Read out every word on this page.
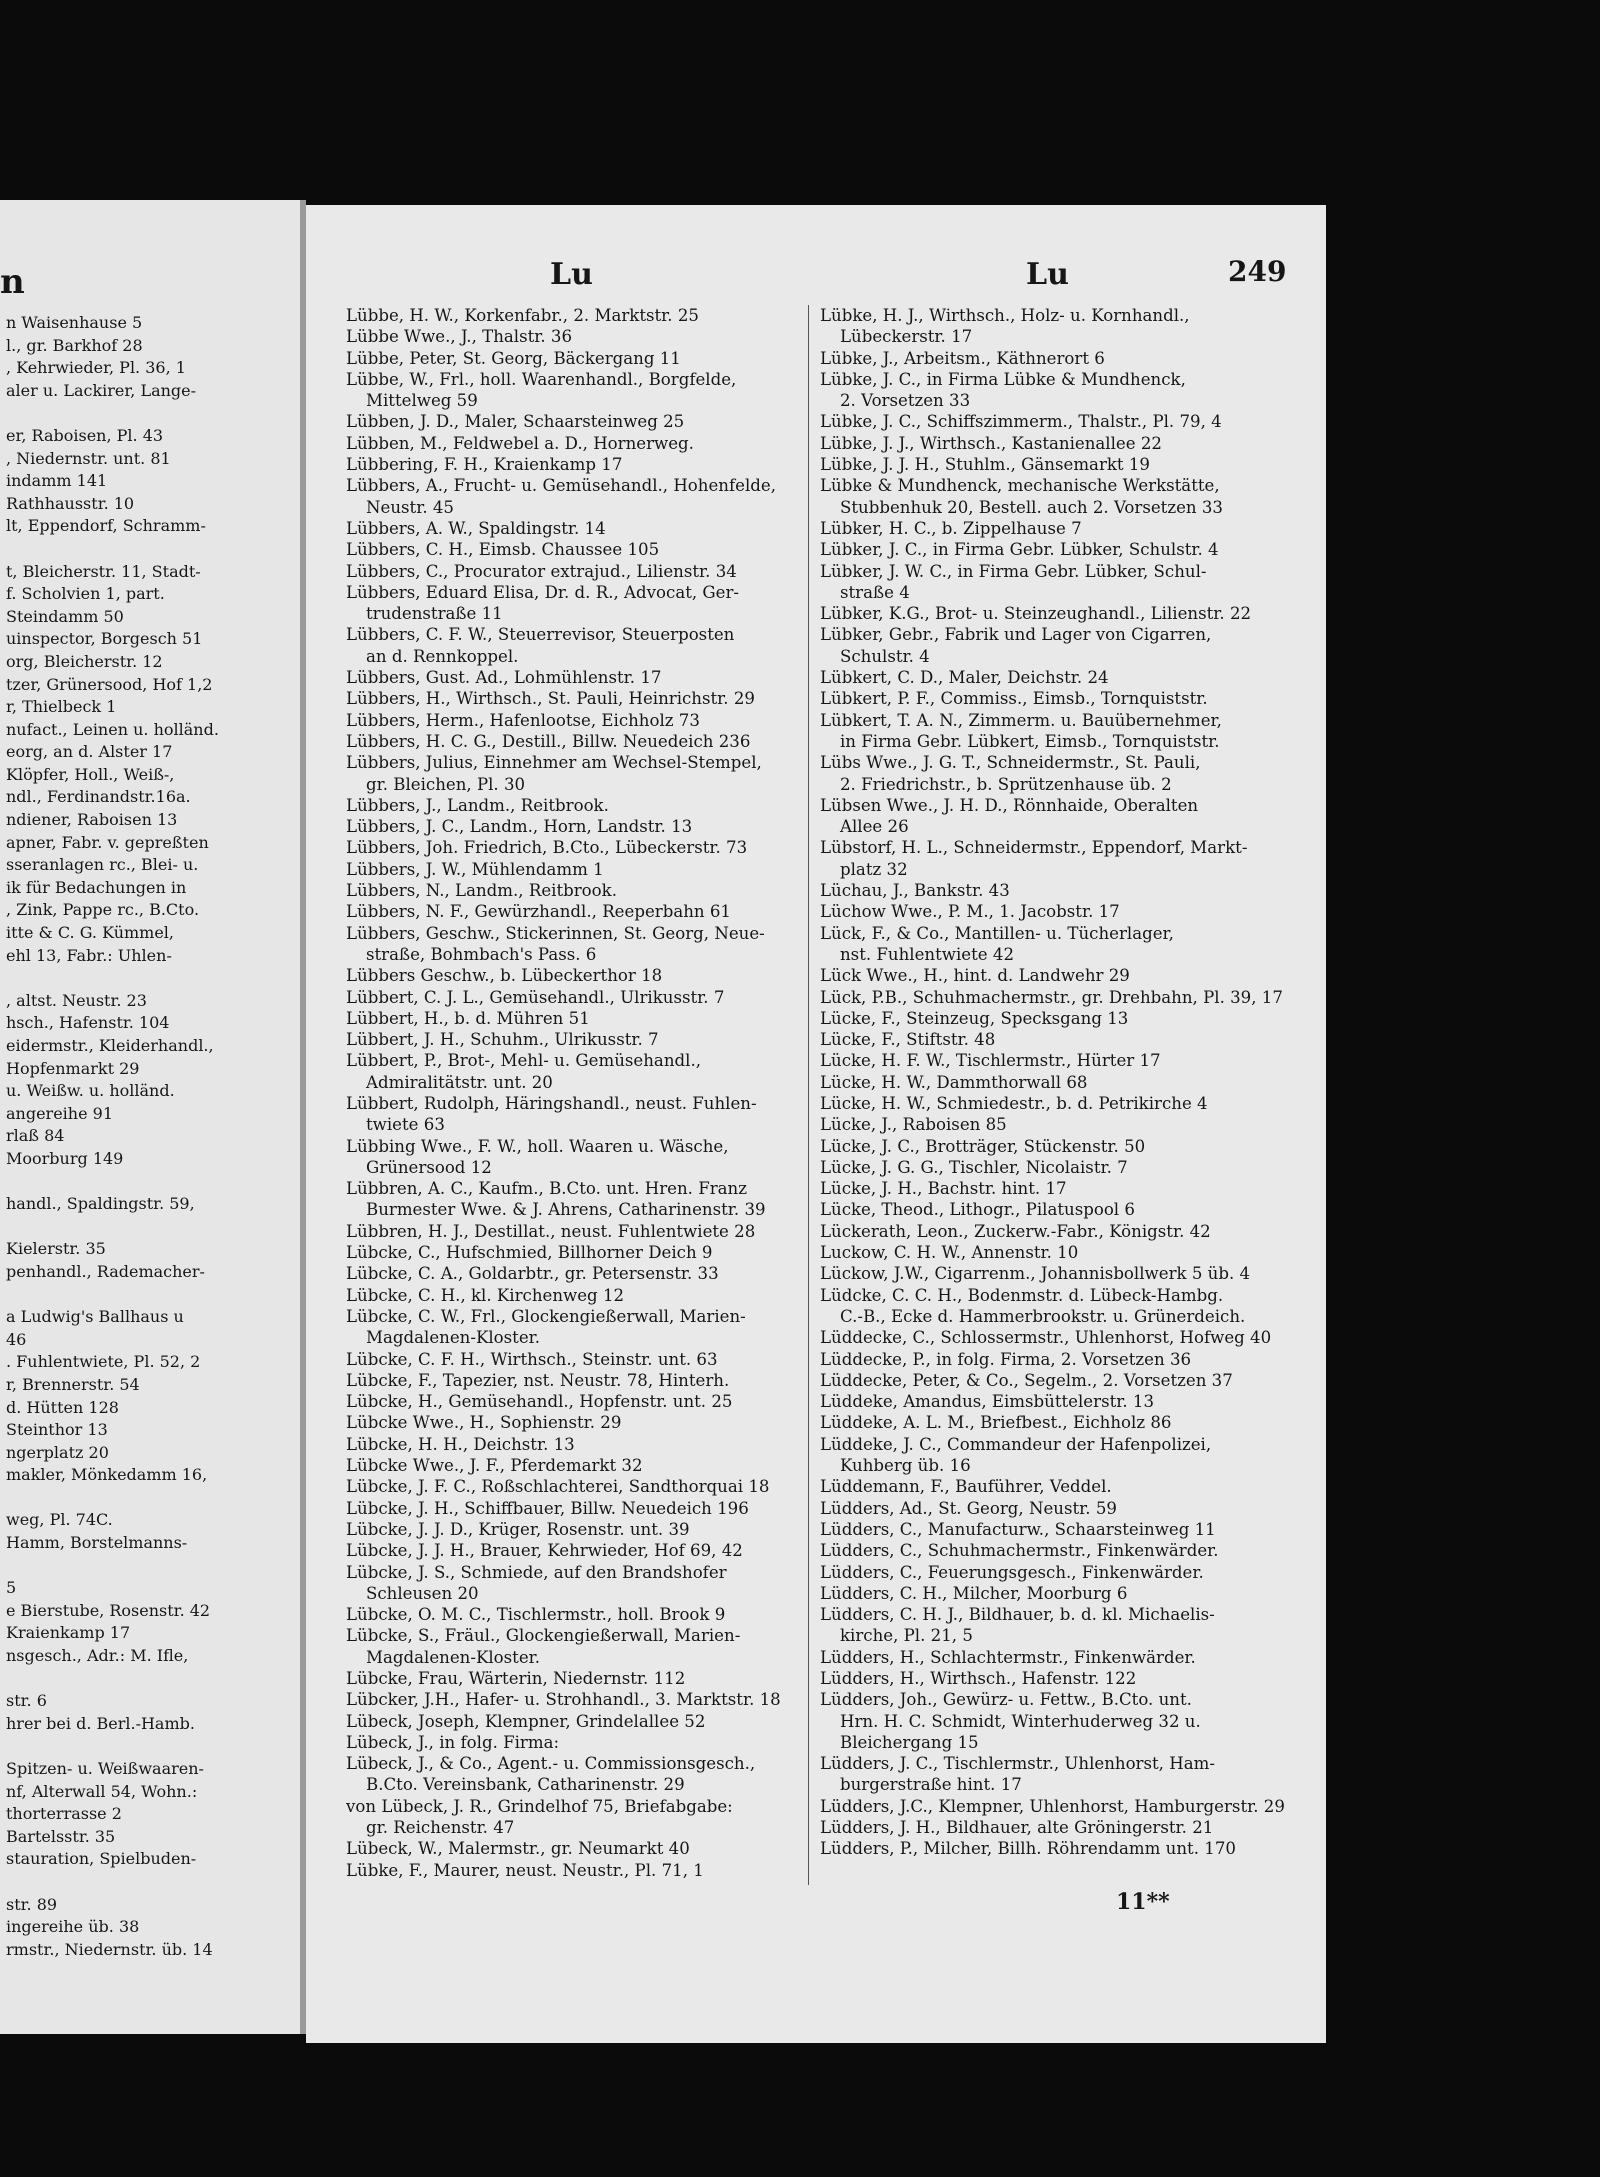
n
n Waisenhause 5
l., gr. Barkhof 28
, Kehrwieder, Pl. 36, 1
aler u. Lackirer, Lange-
er, Raboisen, Pl. 43
, Niedernstr. unt. 81
indamm 141
Rathhausstr. 10
lt, Eppendorf, Schramm-
t, Bleicherstr. 11, Stadt-
f. Scholvien 1, part.
Steindamm 50
uinspector, Borgesch 51
org, Bleicherstr. 12
tzer, Grünersood, Hof 1,2
r, Thielbeck 1
nufact., Leinen u. holländ.
eorg, an d. Alster 17
Klöpfer, Holl., Weiß-,
ndl., Ferdinandstr.16a.
ndiener, Raboisen 13
apner, Fabr. v. gepreßten
sseranlagen rc., Blei- u.
ik für Bedachungen in
, Zink, Pappe rc., B.Cto.
itte & C. G. Kümmel,
ehl 13, Fabr.: Uhlen-
, altst. Neustr. 23
hsch., Hafenstr. 104
eidermstr., Kleiderhandl.,
Hopfenmarkt 29
u. Weißw. u. holländ.
angereihe 91
rlaß 84
Moorburg 149
handl., Spaldingstr. 59,
Kielerstr. 35
penhandl., Rademacher-
a Ludwig's Ballhaus u
46
. Fuhlentwiete, Pl. 52, 2
r, Brennerstr. 54
d. Hütten 128
Steinthor 13
ngerplatz 20
makler, Mönkedamm 16,
weg, Pl. 74C.
Hamm, Borstelmanns-
5
e Bierstube, Rosenstr. 42
Kraienkamp 17
nsgesch., Adr.: M. Ifle,
str. 6
hrer bei d. Berl.-Hamb.
Spitzen- u. Weißwaaren-
nf, Alterwall 54, Wohn.:
thorterrasse 2
Bartelsstr. 35
stauration, Spielbuden-
str. 89
ingereihe üb. 38
rmstr., Niedernstr. üb. 14
Lu	Lu	249
Lübbe, H. W., Korkenfabr., 2. Marktstr. 25
Lübbe Wwe., J., Thalstr. 36
Lübbe, Peter, St. Georg, Bäckergang 11
Lübbe, W., Frl., holl. Waarenhandl., Borgfelde,
Mittelweg 59
Lübben, J. D., Maler, Schaarsteinweg 25
Lübben, M., Feldwebel a. D., Hornerweg.
Lübbering, F. H., Kraienkamp 17
Lübbers, A., Frucht- u. Gemüsehandl., Hohenfelde,
Neustr. 45
Lübbers, A. W., Spaldingstr. 14
Lübbers, C. H., Eimsb. Chaussee 105
Lübbers, C., Procurator extrajud., Lilienstr. 34
Lübbers, Eduard Elisa, Dr. d. R., Advocat, Ger-
trudenstraße 11
Lübbers, C. F. W., Steuerrevisor, Steuerposten
an d. Rennkoppel.
Lübbers, Gust. Ad., Lohmühlenstr. 17
Lübbers, H., Wirthsch., St. Pauli, Heinrichstr. 29
Lübbers, Herm., Hafenlootse, Eichholz 73
Lübbers, H. C. G., Destill., Billw. Neuedeich 236
Lübbers, Julius, Einnehmer am Wechsel-Stempel,
gr. Bleichen, Pl. 30
Lübbers, J., Landm., Reitbrook.
Lübbers, J. C., Landm., Horn, Landstr. 13
Lübbers, Joh. Friedrich, B.Cto., Lübeckerstr. 73
Lübbers, J. W., Mühlendamm 1
Lübbers, N., Landm., Reitbrook.
Lübbers, N. F., Gewürzhandl., Reeperbahn 61
Lübbers, Geschw., Stickerinnen, St. Georg, Neue-
straße, Bohmbach's Pass. 6
Lübbers Geschw., b. Lübeckerthor 18
Lübbert, C. J. L., Gemüsehandl., Ulrikusstr. 7
Lübbert, H., b. d. Mühren 51
Lübbert, J. H., Schuhm., Ulrikusstr. 7
Lübbert, P., Brot-, Mehl- u. Gemüsehandl.,
Admiralitätstr. unt. 20
Lübbert, Rudolph, Häringshandl., neust. Fuhlen-
twiete 63
Lübbing Wwe., F. W., holl. Waaren u. Wäsche,
Grünersood 12
Lübbren, A. C., Kaufm., B.Cto. unt. Hren. Franz
Burmester Wwe. & J. Ahrens, Catharinenstr. 39
Lübbren, H. J., Destillat., neust. Fuhlentwiete 28
Lübcke, C., Hufschmied, Billhorner Deich 9
Lübcke, C. A., Goldarbtr., gr. Petersenstr. 33
Lübcke, C. H., kl. Kirchenweg 12
Lübcke, C. W., Frl., Glockengießerwall, Marien-
Magdalenen-Kloster.
Lübcke, C. F. H., Wirthsch., Steinstr. unt. 63
Lübcke, F., Tapezier, nst. Neustr. 78, Hinterh.
Lübcke, H., Gemüsehandl., Hopfenstr. unt. 25
Lübcke Wwe., H., Sophienstr. 29
Lübcke, H. H., Deichstr. 13
Lübcke Wwe., J. F., Pferdemarkt 32
Lübcke, J. F. C., Roßschlachterei, Sandthorquai 18
Lübcke, J. H., Schiffbauer, Billw. Neuedeich 196
Lübcke, J. J. D., Krüger, Rosenstr. unt. 39
Lübcke, J. J. H., Brauer, Kehrwieder, Hof 69, 42
Lübcke, J. S., Schmiede, auf den Brandshofer
Schleusen 20
Lübcke, O. M. C., Tischlermstr., holl. Brook 9
Lübcke, S., Fräul., Glockengießerwall, Marien-
Magdalenen-Kloster.
Lübcke, Frau, Wärterin, Niedernstr. 112
Lübcker, J.H., Hafer- u. Strohhandl., 3. Marktstr. 18
Lübeck, Joseph, Klempner, Grindelallee 52
Lübeck, J., in folg. Firma:
Lübeck, J., & Co., Agent.- u. Commissionsgesch.,
B.Cto. Vereinsbank, Catharinenstr. 29
von Lübeck, J. R., Grindelhof 75, Briefabgabe:
gr. Reichenstr. 47
Lübeck, W., Malermstr., gr. Neumarkt 40
Lübke, F., Maurer, neust. Neustr., Pl. 71, 1
Lübke, H. J., Wirthsch., Holz- u. Kornhandl.,
Lübeckerstr. 17
Lübke, J., Arbeitsm., Käthnerort 6
Lübke, J. C., in Firma Lübke & Mundhenck,
2. Vorsetzen 33
Lübke, J. C., Schiffszimmerm., Thalstr., Pl. 79, 4
Lübke, J. J., Wirthsch., Kastanienallee 22
Lübke, J. J. H., Stuhlm., Gänsemarkt 19
Lübke & Mundhenck, mechanische Werkstätte,
Stubbenhuk 20, Bestell. auch 2. Vorsetzen 33
Lübker, H. C., b. Zippelhause 7
Lübker, J. C., in Firma Gebr. Lübker, Schulstr. 4
Lübker, J. W. C., in Firma Gebr. Lübker, Schul-
straße 4
Lübker, K.G., Brot- u. Steinzeughandl., Lilienstr. 22
Lübker, Gebr., Fabrik und Lager von Cigarren,
Schulstr. 4
Lübkert, C. D., Maler, Deichstr. 24
Lübkert, P. F., Commiss., Eimsb., Tornquiststr.
Lübkert, T. A. N., Zimmerm. u. Bauübernehmer,
in Firma Gebr. Lübkert, Eimsb., Tornquiststr.
Lübs Wwe., J. G. T., Schneidermstr., St. Pauli,
2. Friedrichstr., b. Sprützenhause üb. 2
Lübsen Wwe., J. H. D., Rönnhaide, Oberalten
Allee 26
Lübstorf, H. L., Schneidermstr., Eppendorf, Markt-
platz 32
Lüchau, J., Bankstr. 43
Lüchow Wwe., P. M., 1. Jacobstr. 17
Lück, F., & Co., Mantillen- u. Tücherlager,
nst. Fuhlentwiete 42
Lück Wwe., H., hint. d. Landwehr 29
Lück, P.B., Schuhmachermstr., gr. Drehbahn, Pl. 39, 17
Lücke, F., Steinzeug, Specksgang 13
Lücke, F., Stiftstr. 48
Lücke, H. F. W., Tischlermstr., Hürter 17
Lücke, H. W., Dammthorwall 68
Lücke, H. W., Schmiedestr., b. d. Petrikirche 4
Lücke, J., Raboisen 85
Lücke, J. C., Brotträger, Stückenstr. 50
Lücke, J. G. G., Tischler, Nicolaistr. 7
Lücke, J. H., Bachstr. hint. 17
Lücke, Theod., Lithogr., Pilatuspool 6
Lückerath, Leon., Zuckerw.-Fabr., Königstr. 42
Luckow, C. H. W., Annenstr. 10
Lückow, J.W., Cigarrenm., Johannisbollwerk 5 üb. 4
Lüdcke, C. C. H., Bodenmstr. d. Lübeck-Hambg.
C.-B., Ecke d. Hammerbrookstr. u. Grünerdeich.
Lüddecke, C., Schlossermstr., Uhlenhorst, Hofweg 40
Lüddecke, P., in folg. Firma, 2. Vorsetzen 36
Lüddecke, Peter, & Co., Segelm., 2. Vorsetzen 37
Lüddeke, Amandus, Eimsbüttelerstr. 13
Lüddeke, A. L. M., Briefbest., Eichholz 86
Lüddeke, J. C., Commandeur der Hafenpolizei,
Kuhberg üb. 16
Lüddemann, F., Bauführer, Veddel.
Lüdders, Ad., St. Georg, Neustr. 59
Lüdders, C., Manufacturw., Schaarsteinweg 11
Lüdders, C., Schuhmachermstr., Finkenwärder.
Lüdders, C., Feuerungsgesch., Finkenwärder.
Lüdders, C. H., Milcher, Moorburg 6
Lüdders, C. H. J., Bildhauer, b. d. kl. Michaelis-
kirche, Pl. 21, 5
Lüdders, H., Schlachtermstr., Finkenwärder.
Lüdders, H., Wirthsch., Hafenstr. 122
Lüdders, Joh., Gewürz- u. Fettw., B.Cto. unt.
Hrn. H. C. Schmidt, Winterhuderweg 32 u.
Bleichergang 15
Lüdders, J. C., Tischlermstr., Uhlenhorst, Ham-
burgerstraße hint. 17
Lüdders, J.C., Klempner, Uhlenhorst, Hamburgerstr. 29
Lüdders, J. H., Bildhauer, alte Gröningerstr. 21
Lüdders, P., Milcher, Billh. Röhrendamm unt. 170
11**
